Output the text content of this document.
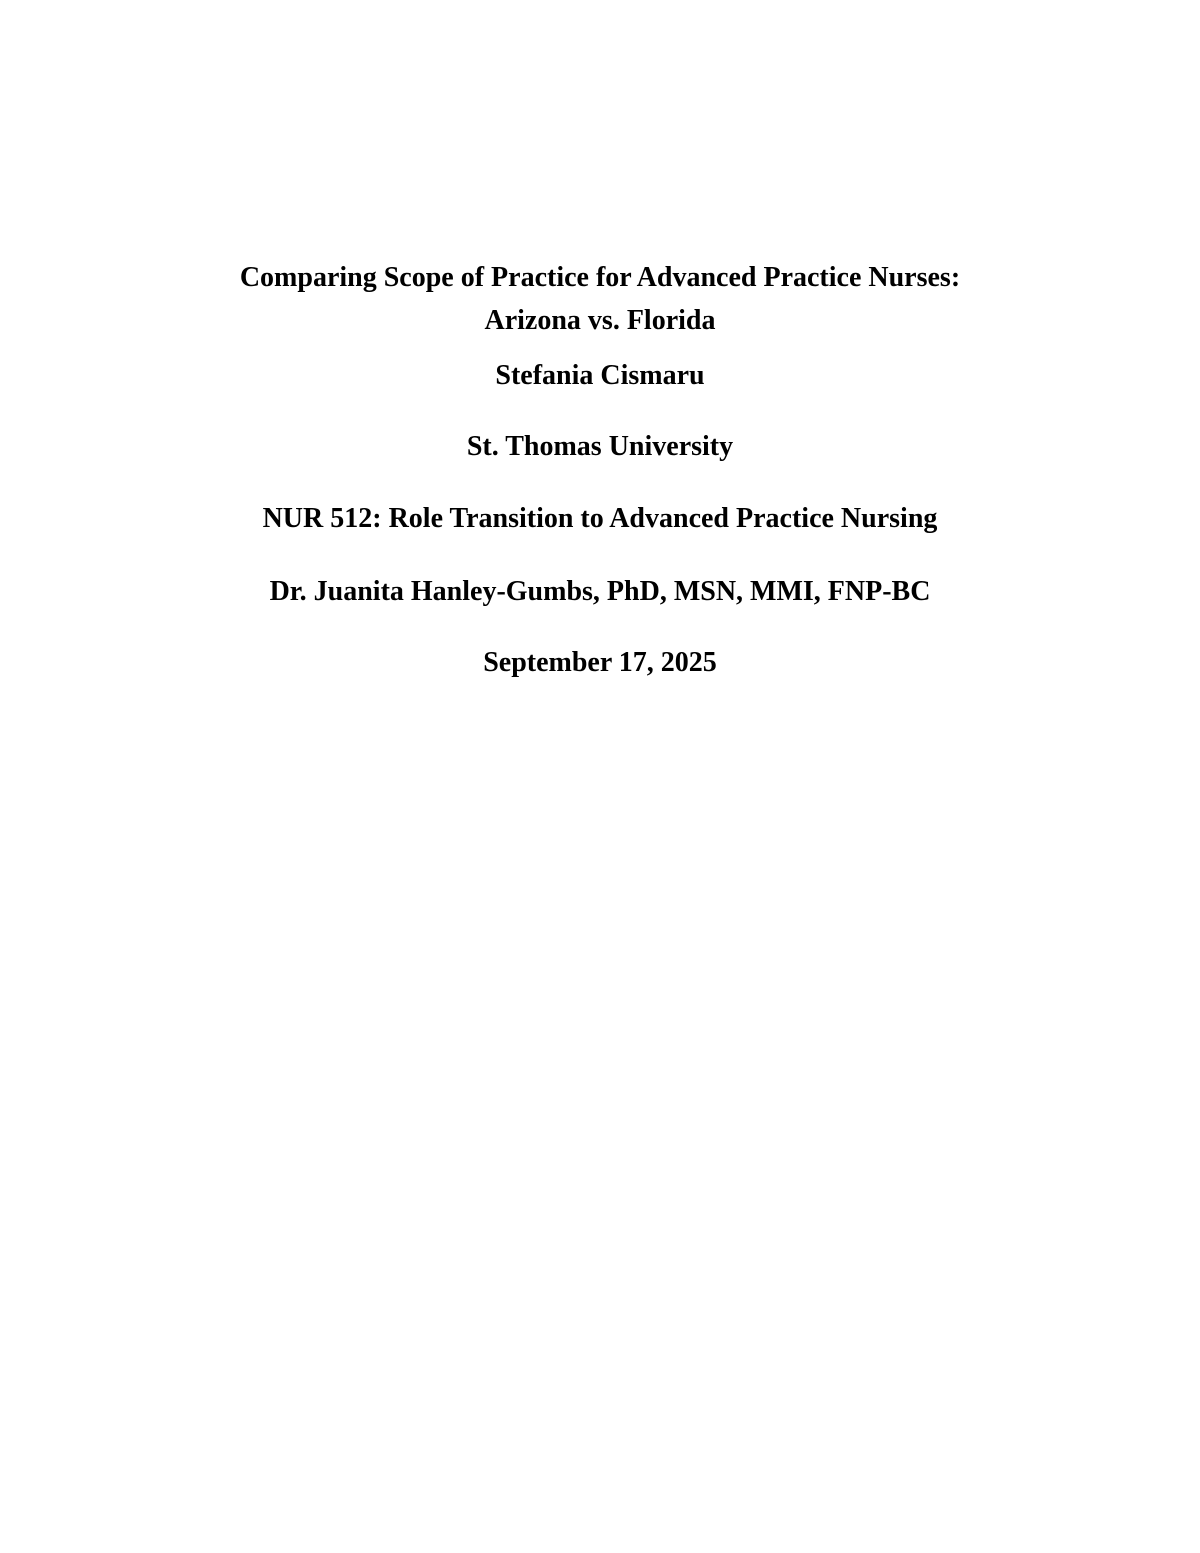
Comparing Scope of Practice for Advanced Practice Nurses:
Arizona vs. Florida
Stefania Cismaru
St. Thomas University
NUR 512: Role Transition to Advanced Practice Nursing
Dr. Juanita Hanley-Gumbs, PhD, MSN, MMI, FNP-BC
September 17, 2025
